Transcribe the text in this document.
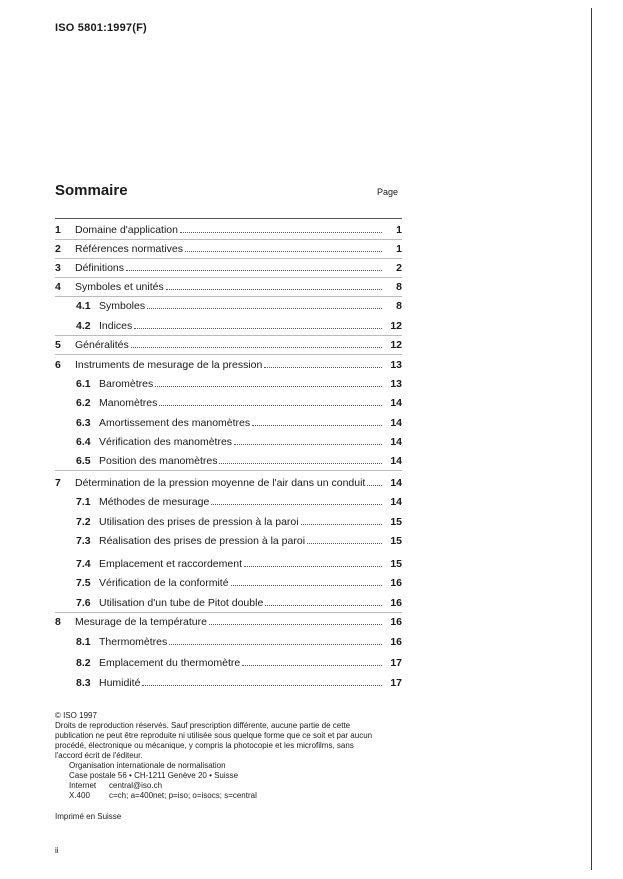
ISO 5801:1997(F)
Sommaire	Page
1	Domaine d'application	1
2	Références normatives	1
3	Définitions	2
4	Symboles et unités	8
4.1 Symboles	8
4.2 Indices	12
5	Généralités	12
6	Instruments de mesurage de la pression	13
6.1 Baromètres	13
6.2 Manomètres	14
6.3 Amortissement des manomètres	14
6.4 Vérification des manomètres	14
6.5 Position des manomètres	14
7	Détermination de la pression moyenne de l'air dans un conduit	14
7.1 Méthodes de mesurage	14
7.2 Utilisation des prises de pression à la paroi	15
7.3 Réalisation des prises de pression à la paroi	15
7.4 Emplacement et raccordement	15
7.5 Vérification de la conformité	16
7.6 Utilisation d'un tube de Pitot double	16
8	Mesurage de la température	16
8.1 Thermomètres	16
8.2 Emplacement du thermomètre	17
8.3 Humidité	17
© ISO 1997
Droits de reproduction réservés. Sauf prescription différente, aucune partie de cette publication ne peut être reproduite ni utilisée sous quelque forme que ce soit et par aucun procédé, électronique ou mécanique, y compris la photocopie et les microfilms, sans l'accord écrit de l'éditeur.
Organisation internationale de normalisation
Case postale 56 • CH-1211 Genève 20 • Suisse
Internet central@iso.ch
X.400 c=ch; a=400net; p=iso; o=isocs; s=central
Imprimé en Suisse
ii
